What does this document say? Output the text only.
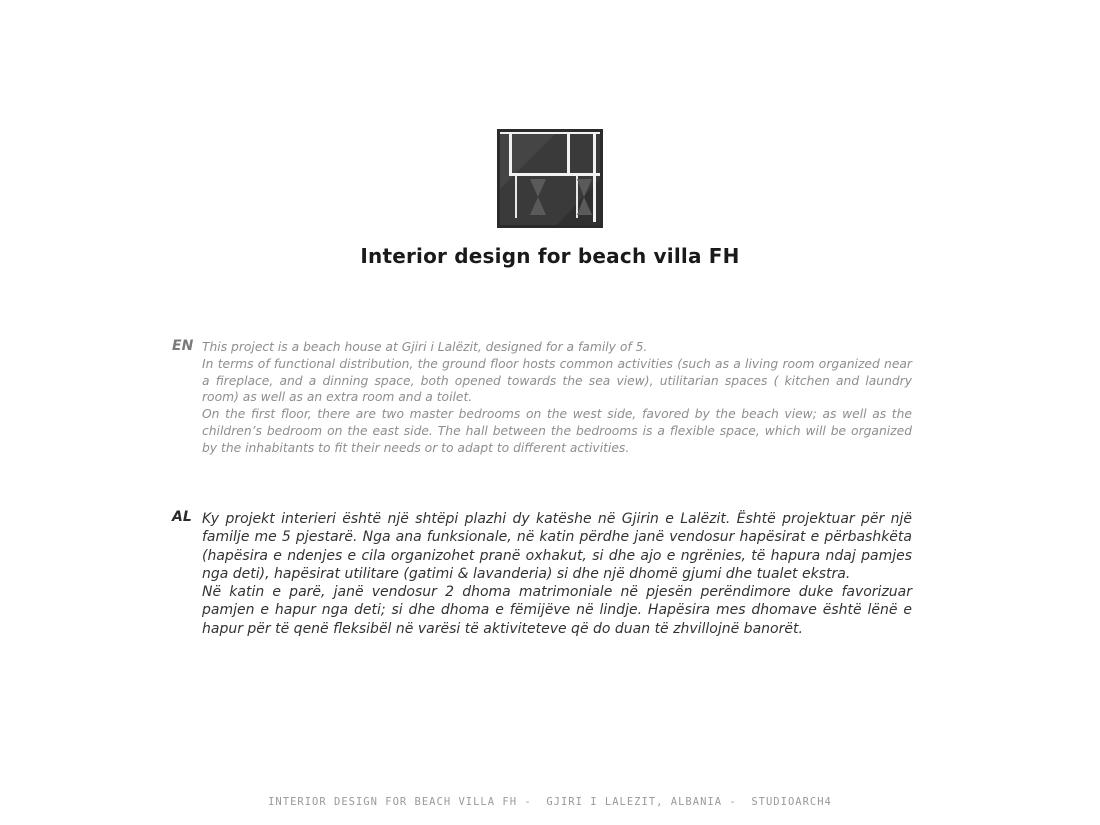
Interior design for beach villa FH
EN This project is a beach house at Gjiri i Lalëzit, designed for a family of 5.

In terms of functional distribution, the ground floor hosts common activities (such as a living room organized near a fireplace, and a dinning space, both opened towards the sea view), utilitarian spaces ( kitchen and laundry room) as well as an extra room and a toilet.

On the first floor, there are two master bedrooms on the west side, favored by the beach view; as well as the children’s bedroom on the east side. The hall between the bedrooms is a flexible space, which will be organized by the inhabitants to fit their needs or to adapt to different activities.

AL Ky projekt interieri është një shtëpi plazhi dy katëshe në Gjirin e Lalëzit. Është projektuar për një familje me 5 pjestarë. Nga ana funksionale, në katin përdhe janë vendosur hapësirat e përbashkëta (hapësira e ndenjes e cila organizohet pranë oxhakut, si dhe ajo e ngrënies, të hapura ndaj pamjes nga deti), hapësirat utilitare (gatimi & lavanderia) si dhe një dhomë gjumi dhe tualet ekstra.

Në katin e parë, janë vendosur 2 dhoma matrimoniale në pjesën perëndimore duke favorizuar pamjen e hapur nga deti; si dhe dhoma e fëmijëve në lindje. Hapësira mes dhomave është lënë e hapur për të qenë fleksibël në varësi të aktiviteteve që do duan të zhvillojnë banorët.

INTERIOR DESIGN FOR BEACH VILLA FH -  GJIRI I LALEZIT, ALBANIA -  STUDIOARCH4
